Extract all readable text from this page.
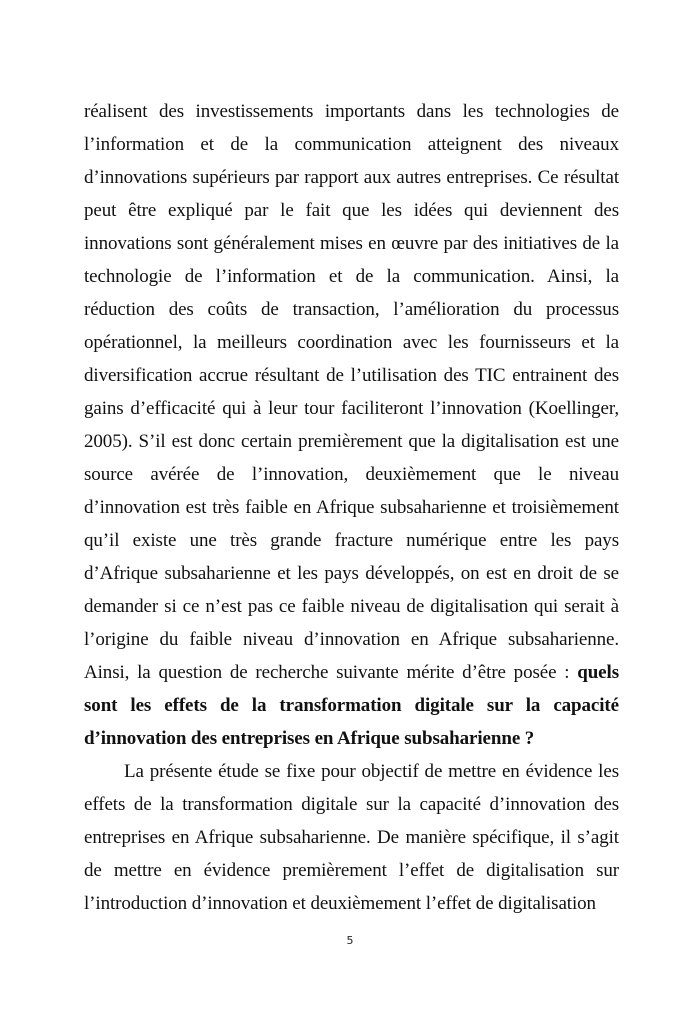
réalisent des investissements importants dans les technologies de l’information et de la communication atteignent des niveaux d’innovations supérieurs par rapport aux autres entreprises. Ce résultat peut être expliqué par le fait que les idées qui deviennent des innovations sont généralement mises en œuvre par des initiatives de la technologie de l’information et de la communication. Ainsi, la réduction des coûts de transaction, l’amélioration du processus opérationnel, la meilleurs coordination avec les fournisseurs et la diversification accrue résultant de l’utilisation des TIC entrainent des gains d’efficacité qui à leur tour faciliteront l’innovation (Koellinger, 2005). S’il est donc certain premièrement que la digitalisation est une source avérée de l’innovation, deuxièmement que le niveau d’innovation est très faible en Afrique subsaharienne et troisièmement qu’il existe une très grande fracture numérique entre les pays d’Afrique subsaharienne et les pays développés, on est en droit de se demander si ce n’est pas ce faible niveau de digitalisation qui serait à l’origine du faible niveau d’innovation en Afrique subsaharienne. Ainsi, la question de recherche suivante mérite d’être posée : quels sont les effets de la transformation digitale sur la capacité d’innovation des entreprises en Afrique subsaharienne ?

La présente étude se fixe pour objectif de mettre en évidence les effets de la transformation digitale sur la capacité d’innovation des entreprises en Afrique subsaharienne. De manière spécifique, il s’agit de mettre en évidence premièrement l’effet de digitalisation sur l’introduction d’innovation et deuxièmement l’effet de digitalisation

5
